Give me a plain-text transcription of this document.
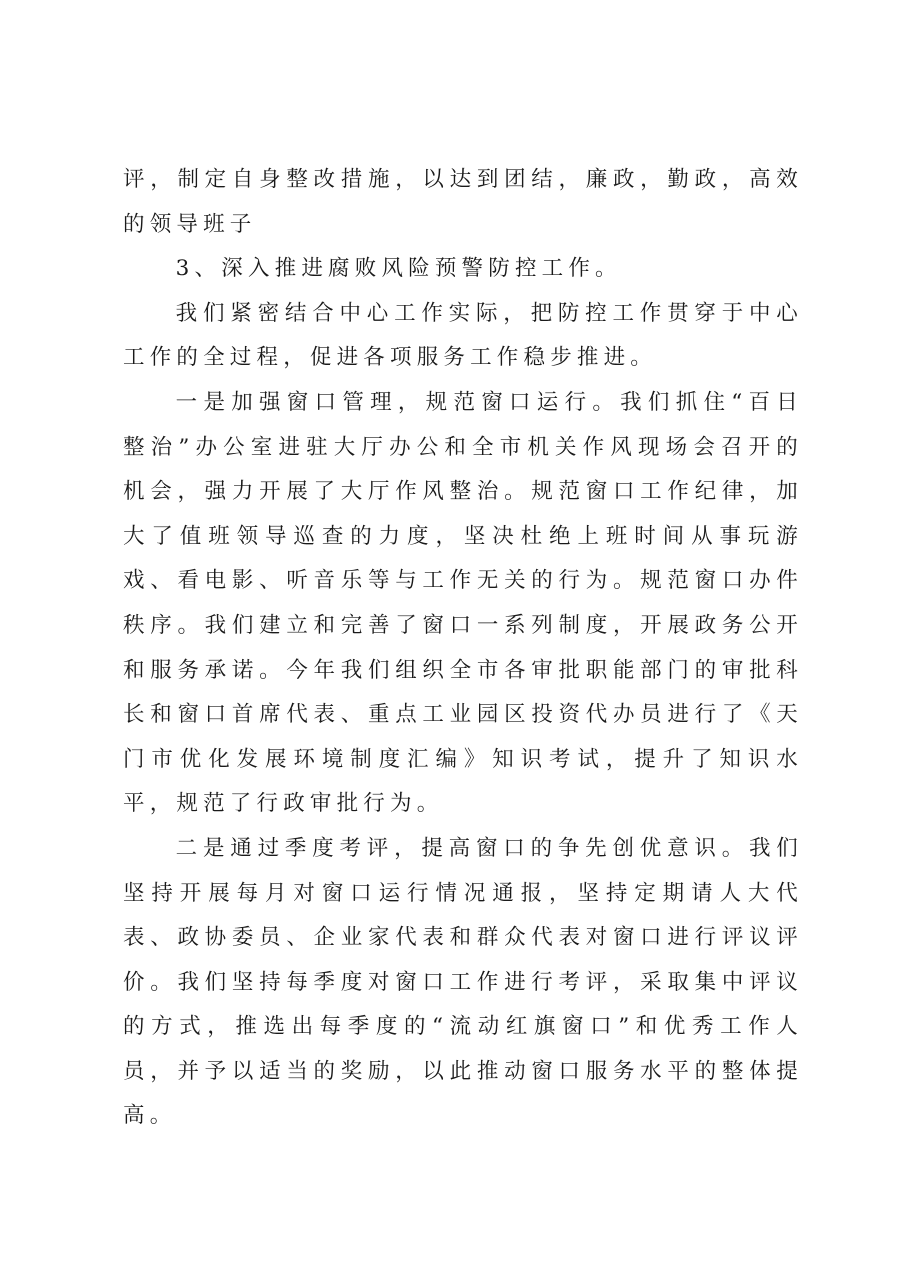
评，制定自身整改措施，以达到团结，廉政，勤政，高效的领导班子

3、深入推进腐败风险预警防控工作。

我们紧密结合中心工作实际，把防控工作贯穿于中心工作的全过程，促进各项服务工作稳步推进。

一是加强窗口管理，规范窗口运行。我们抓住“百日整治”办公室进驻大厅办公和全市机关作风现场会召开的机会，强力开展了大厅作风整治。规范窗口工作纪律，加大了值班领导巡查的力度，坚决杜绝上班时间从事玩游戏、看电影、听音乐等与工作无关的行为。规范窗口办件秩序。我们建立和完善了窗口一系列制度，开展政务公开和服务承诺。今年我们组织全市各审批职能部门的审批科长和窗口首席代表、重点工业园区投资代办员进行了《天门市优化发展环境制度汇编》知识考试，提升了知识水平，规范了行政审批行为。

二是通过季度考评，提高窗口的争先创优意识。我们坚持开展每月对窗口运行情况通报，坚持定期请人大代表、政协委员、企业家代表和群众代表对窗口进行评议评价。我们坚持每季度对窗口工作进行考评，采取集中评议的方式，推选出每季度的“流动红旗窗口”和优秀工作人员，并予以适当的奖励，以此推动窗口服务水平的整体提高。
